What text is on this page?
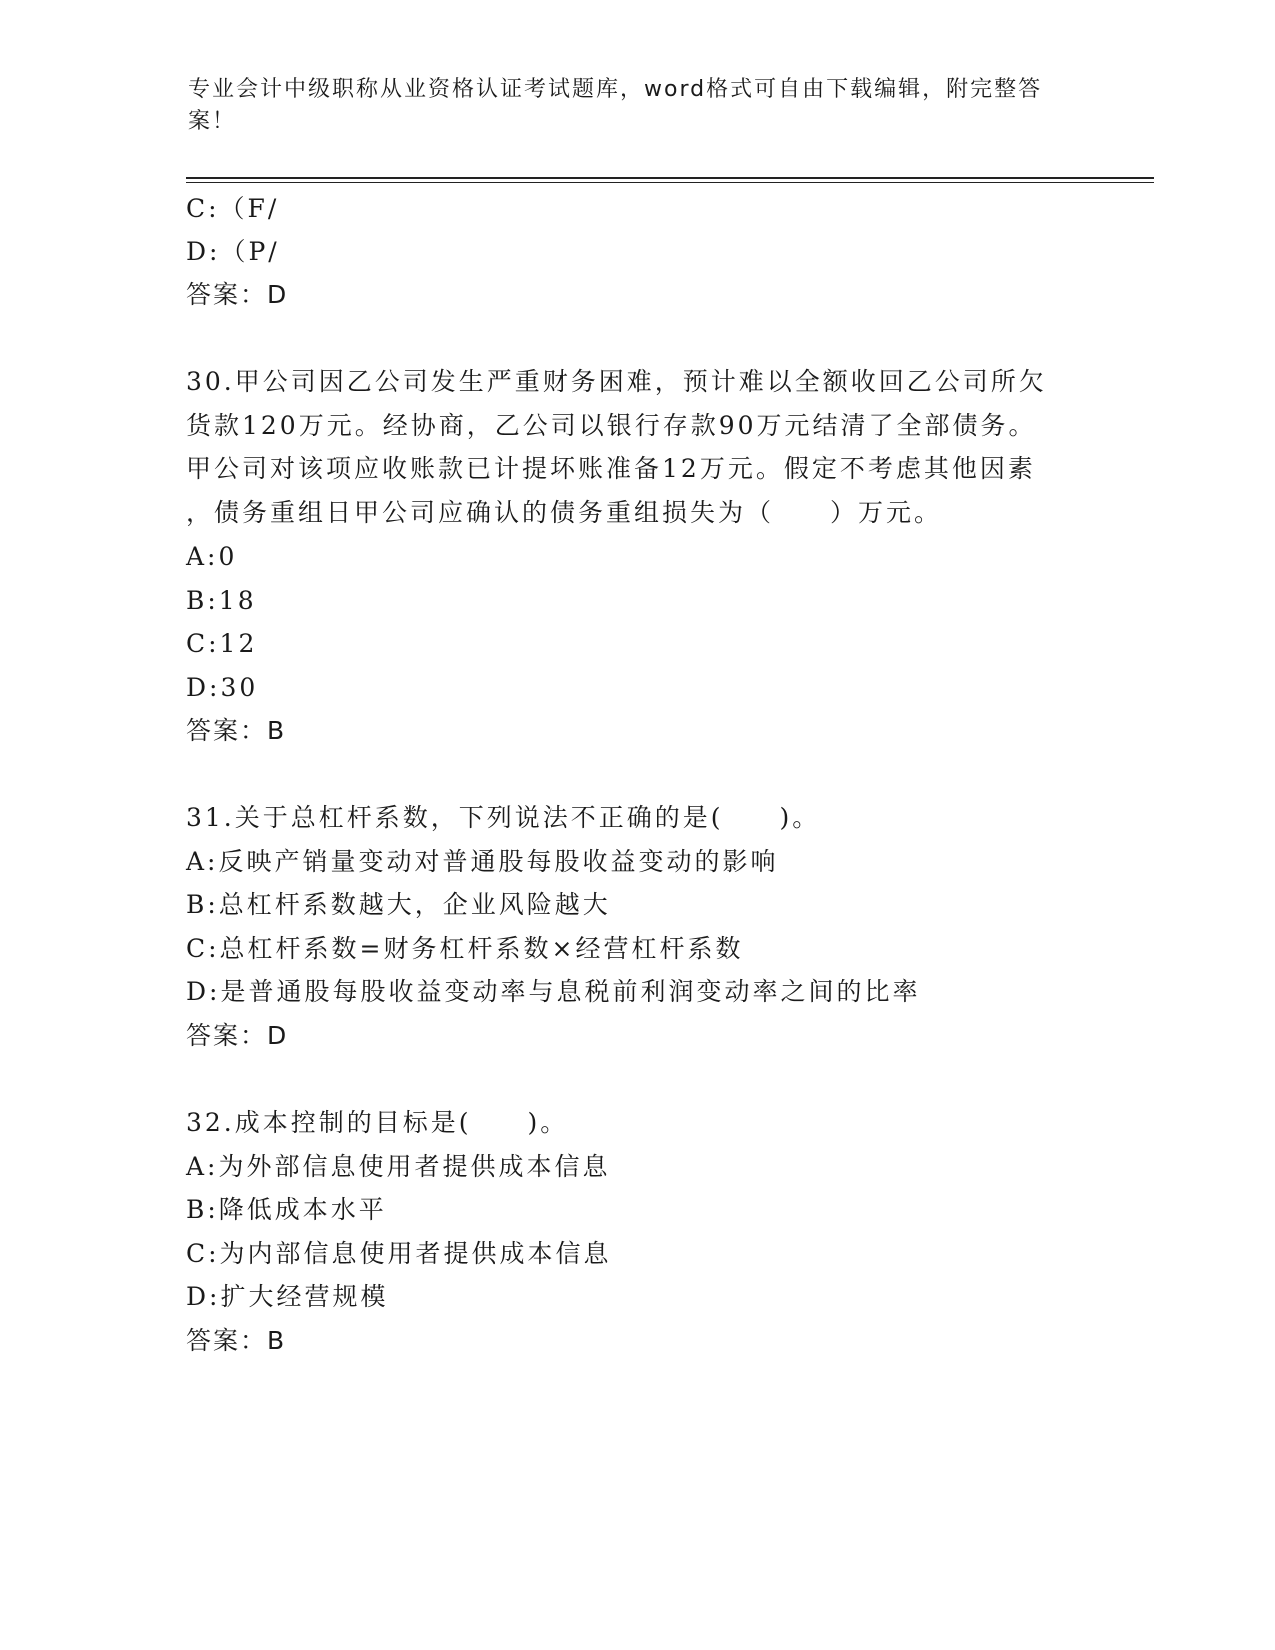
专业会计中级职称从业资格认证考试题库，word格式可自由下载编辑，附完整答案！
C:（F/
D:（P/
答案：D
30.甲公司因乙公司发生严重财务困难，预计难以全额收回乙公司所欠
货款120万元。经协商，乙公司以银行存款90万元结清了全部债务。
甲公司对该项应收账款已计提坏账准备12万元。假定不考虑其他因素
，债务重组日甲公司应确认的债务重组损失为（　　）万元。
A:0
B:18
C:12
D:30
答案：B
31.关于总杠杆系数，下列说法不正确的是(　　)。
A:反映产销量变动对普通股每股收益变动的影响
B:总杠杆系数越大，企业风险越大
C:总杠杆系数=财务杠杆系数×经营杠杆系数
D:是普通股每股收益变动率与息税前利润变动率之间的比率
答案：D
32.成本控制的目标是(　　)。
A:为外部信息使用者提供成本信息
B:降低成本水平
C:为内部信息使用者提供成本信息
D:扩大经营规模
答案：B
